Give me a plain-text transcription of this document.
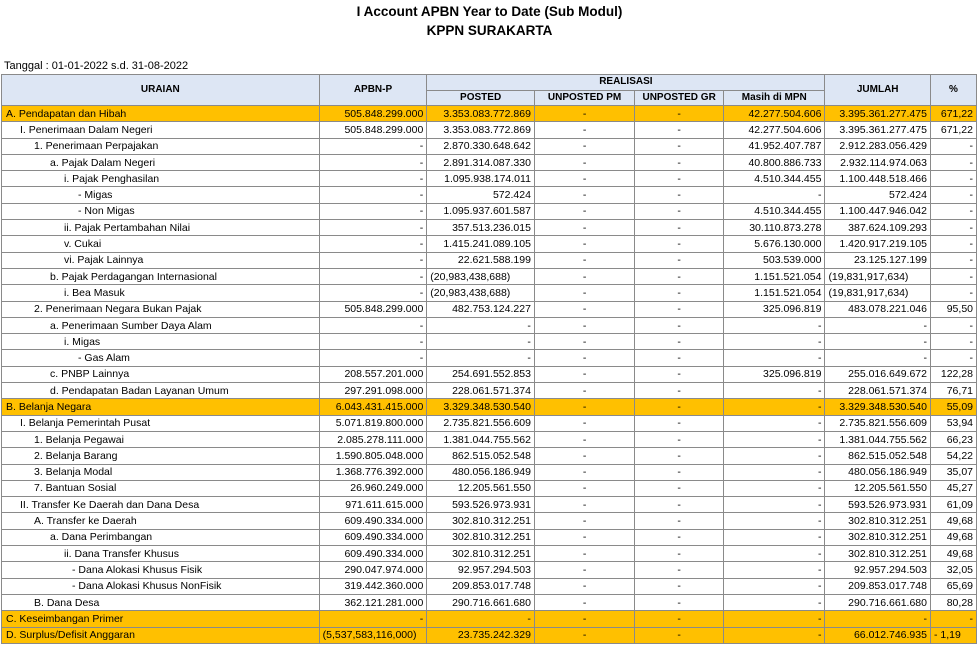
I Account APBN Year to Date (Sub Modul)
KPPN SURAKARTA
Tanggal : 01-01-2022 s.d. 31-08-2022
URAIAN	APBN-P	REALISASI				JUMLAH	%
		POSTED	UNPOSTED PM	UNPOSTED GR	Masih di MPN		
A. Pendapatan dan Hibah	505.848.299.000	3.353.083.772.869	-	-	42.277.504.606	3.395.361.277.475	671,22
I. Penerimaan Dalam Negeri	505.848.299.000	3.353.083.772.869	-	-	42.277.504.606	3.395.361.277.475	671,22
1. Penerimaan Perpajakan	-	2.870.330.648.642	-	-	41.952.407.787	2.912.283.056.429	-
a. Pajak Dalam Negeri	-	2.891.314.087.330	-	-	40.800.886.733	2.932.114.974.063	-
i. Pajak Penghasilan	-	1.095.938.174.011	-	-	4.510.344.455	1.100.448.518.466	-
- Migas	-	572.424	-	-	-	572.424	-
- Non Migas	-	1.095.937.601.587	-	-	4.510.344.455	1.100.447.946.042	-
ii. Pajak Pertambahan Nilai	-	357.513.236.015	-	-	30.110.873.278	387.624.109.293	-
v. Cukai	-	1.415.241.089.105	-	-	5.676.130.000	1.420.917.219.105	-
vi. Pajak Lainnya	-	22.621.588.199	-	-	503.539.000	23.125.127.199	-
b. Pajak Perdagangan Internasional	-	(20,983,438,688)	-	-	1.151.521.054	(19,831,917,634)	-
i. Bea Masuk	-	(20,983,438,688)	-	-	1.151.521.054	(19,831,917,634)	-
2. Penerimaan Negara Bukan Pajak	505.848.299.000	482.753.124.227	-	-	325.096.819	483.078.221.046	95,50
a. Penerimaan Sumber Daya Alam	-	-	-	-	-	-	-
i. Migas	-	-	-	-	-	-	-
- Gas Alam	-	-	-	-	-	-	-
c. PNBP Lainnya	208.557.201.000	254.691.552.853	-	-	325.096.819	255.016.649.672	122,28
d. Pendapatan Badan Layanan Umum	297.291.098.000	228.061.571.374	-	-	-	228.061.571.374	76,71
B. Belanja Negara	6.043.431.415.000	3.329.348.530.540	-	-	-	3.329.348.530.540	55,09
I. Belanja Pemerintah Pusat	5.071.819.800.000	2.735.821.556.609	-	-	-	2.735.821.556.609	53,94
1. Belanja Pegawai	2.085.278.111.000	1.381.044.755.562	-	-	-	1.381.044.755.562	66,23
2. Belanja Barang	1.590.805.048.000	862.515.052.548	-	-	-	862.515.052.548	54,22
3. Belanja Modal	1.368.776.392.000	480.056.186.949	-	-	-	480.056.186.949	35,07
7. Bantuan Sosial	26.960.249.000	12.205.561.550	-	-	-	12.205.561.550	45,27
II. Transfer Ke Daerah dan Dana Desa	971.611.615.000	593.526.973.931	-	-	-	593.526.973.931	61,09
A. Transfer ke Daerah	609.490.334.000	302.810.312.251	-	-	-	302.810.312.251	49,68
a. Dana Perimbangan	609.490.334.000	302.810.312.251	-	-	-	302.810.312.251	49,68
ii. Dana Transfer Khusus	609.490.334.000	302.810.312.251	-	-	-	302.810.312.251	49,68
- Dana Alokasi Khusus Fisik	290.047.974.000	92.957.294.503	-	-	-	92.957.294.503	32,05
- Dana Alokasi Khusus NonFisik	319.442.360.000	209.853.017.748	-	-	-	209.853.017.748	65,69
B. Dana Desa	362.121.281.000	290.716.661.680	-	-	-	290.716.661.680	80,28
C. Keseimbangan Primer	-	-	-	-	-	-	-
D. Surplus/Defisit Anggaran	(5,537,583,116,000)	23.735.242.329	-	-	-	66.012.746.935	- 1,19
